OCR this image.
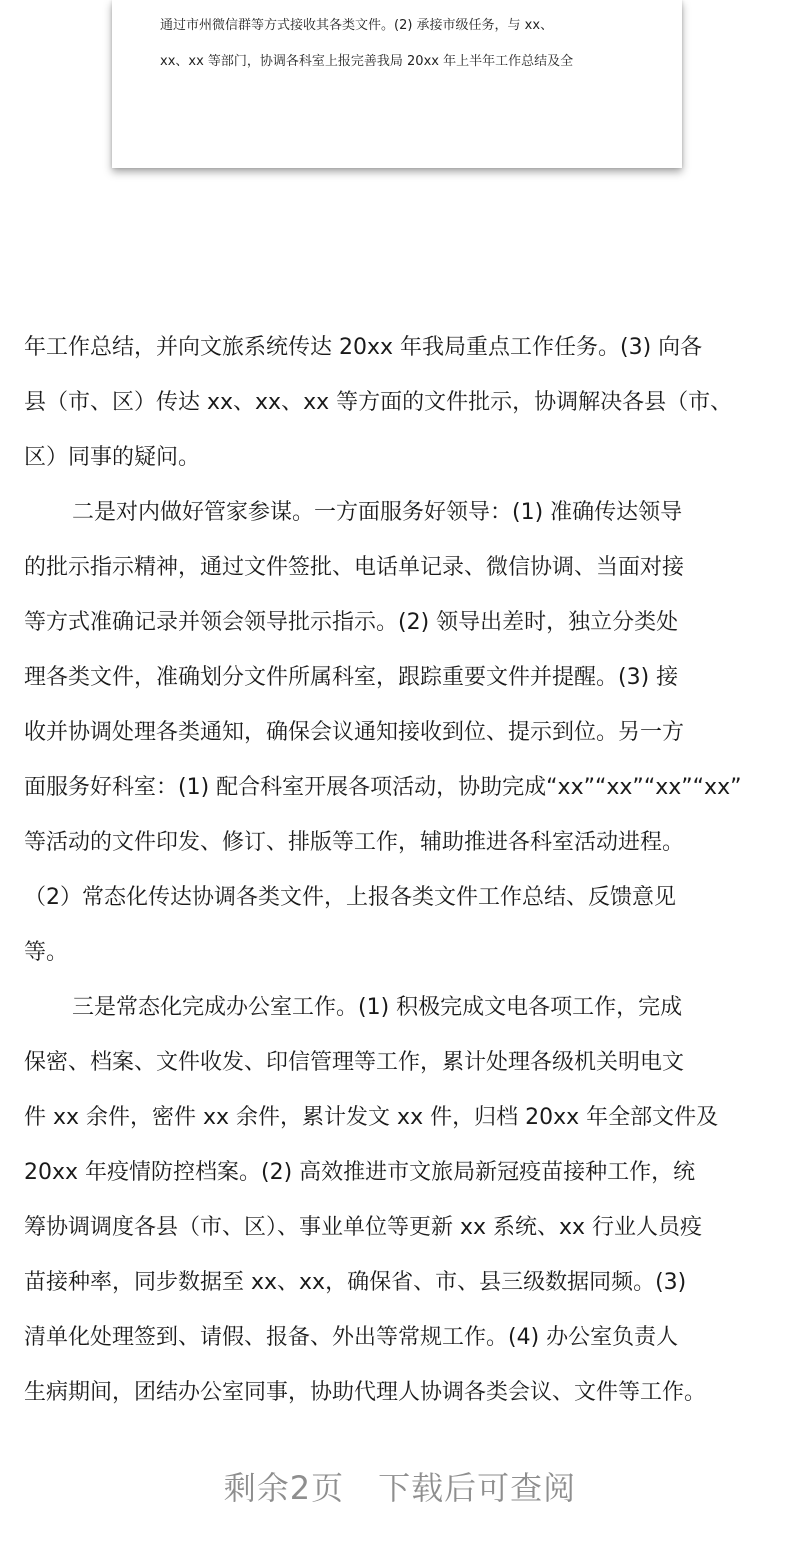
通过市州微信群等方式接收其各类文件。(2) 承接市级任务，与 xx、
xx、xx 等部门，协调各科室上报完善我局 20xx 年上半年工作总结及全
年工作总结，并向文旅系统传达 20xx 年我局重点工作任务。(3) 向各
县（市、区）传达 xx、xx、xx 等方面的文件批示，协调解决各县（市、
区）同事的疑问。
二是对内做好管家参谋。一方面服务好领导：(1) 准确传达领导
的批示指示精神，通过文件签批、电话单记录、微信协调、当面对接
等方式准确记录并领会领导批示指示。(2) 领导出差时，独立分类处
理各类文件，准确划分文件所属科室，跟踪重要文件并提醒。(3) 接
收并协调处理各类通知，确保会议通知接收到位、提示到位。另一方
面服务好科室：(1) 配合科室开展各项活动，协助完成“xx”“xx”“xx”“xx”
等活动的文件印发、修订、排版等工作，辅助推进各科室活动进程。
（2）常态化传达协调各类文件，上报各类文件工作总结、反馈意见
等。
三是常态化完成办公室工作。(1) 积极完成文电各项工作，完成
保密、档案、文件收发、印信管理等工作，累计处理各级机关明电文
件 xx 余件，密件 xx 余件，累计发文 xx 件，归档 20xx 年全部文件及
20xx 年疫情防控档案。(2) 高效推进市文旅局新冠疫苗接种工作，统
筹协调调度各县（市、区）、事业单位等更新 xx 系统、xx 行业人员疫
苗接种率，同步数据至 xx、xx，确保省、市、县三级数据同频。(3)
清单化处理签到、请假、报备、外出等常规工作。(4) 办公室负责人
生病期间，团结办公室同事，协助代理人协调各类会议、文件等工作。
剩余2页 下载后可查阅
